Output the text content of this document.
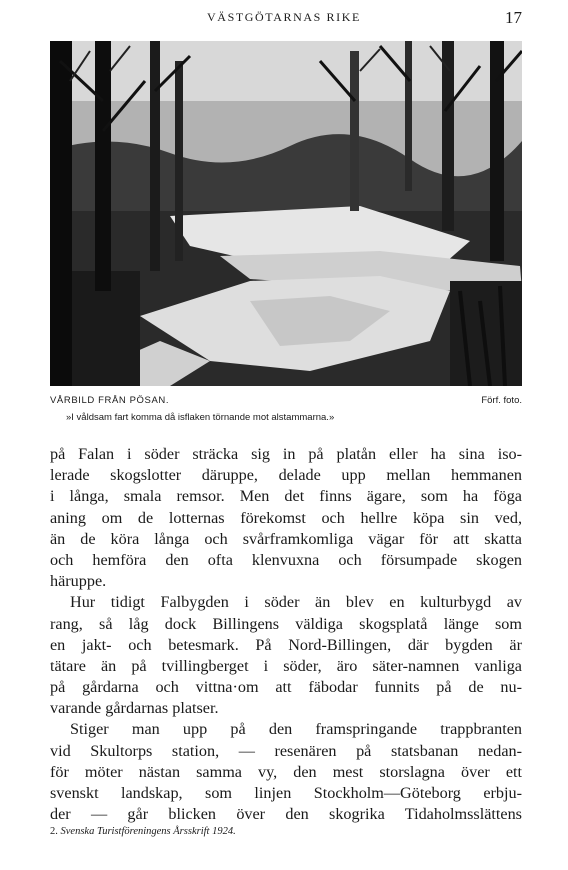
VÄSTGÖTARNAS RIKE	17
VÅRBILD FRÅN PÖSAN.	Förf. foto.
»I våldsam fart komma då isflaken törnande mot alstammarna.»
på Falan i söder sträcka sig in på platån eller ha sina iso-
lerade skogslotter däruppe, delade upp mellan hemmanen
i långa, smala remsor. Men det finns ägare, som ha föga
aning om de lotternas förekomst och hellre köpa sin ved,
än de köra långa och svårframkomliga vägar för att skatta
och hemföra den ofta klenvuxna och försumpade skogen
häruppe.
Hur tidigt Falbygden i söder än blev en kulturbygd av
rang, så låg dock Billingens väldiga skogsplatå länge som
en jakt- och betesmark. På Nord-Billingen, där bygden är
tätare än på tvillingberget i söder, äro säter-namnen vanliga
på gårdarna och vittna·om att fäbodar funnits på de nu-
varande gårdarnas platser.
Stiger man upp på den framspringande trappbranten
vid Skultorps station, — resenären på statsbanan nedan-
för möter nästan samma vy, den mest storslagna över ett
svenskt landskap, som linjen Stockholm—Göteborg erbju-
der — går blicken över den skogrika Tidaholmsslättens
2. Svenska Turistföreningens Årsskrift 1924.
